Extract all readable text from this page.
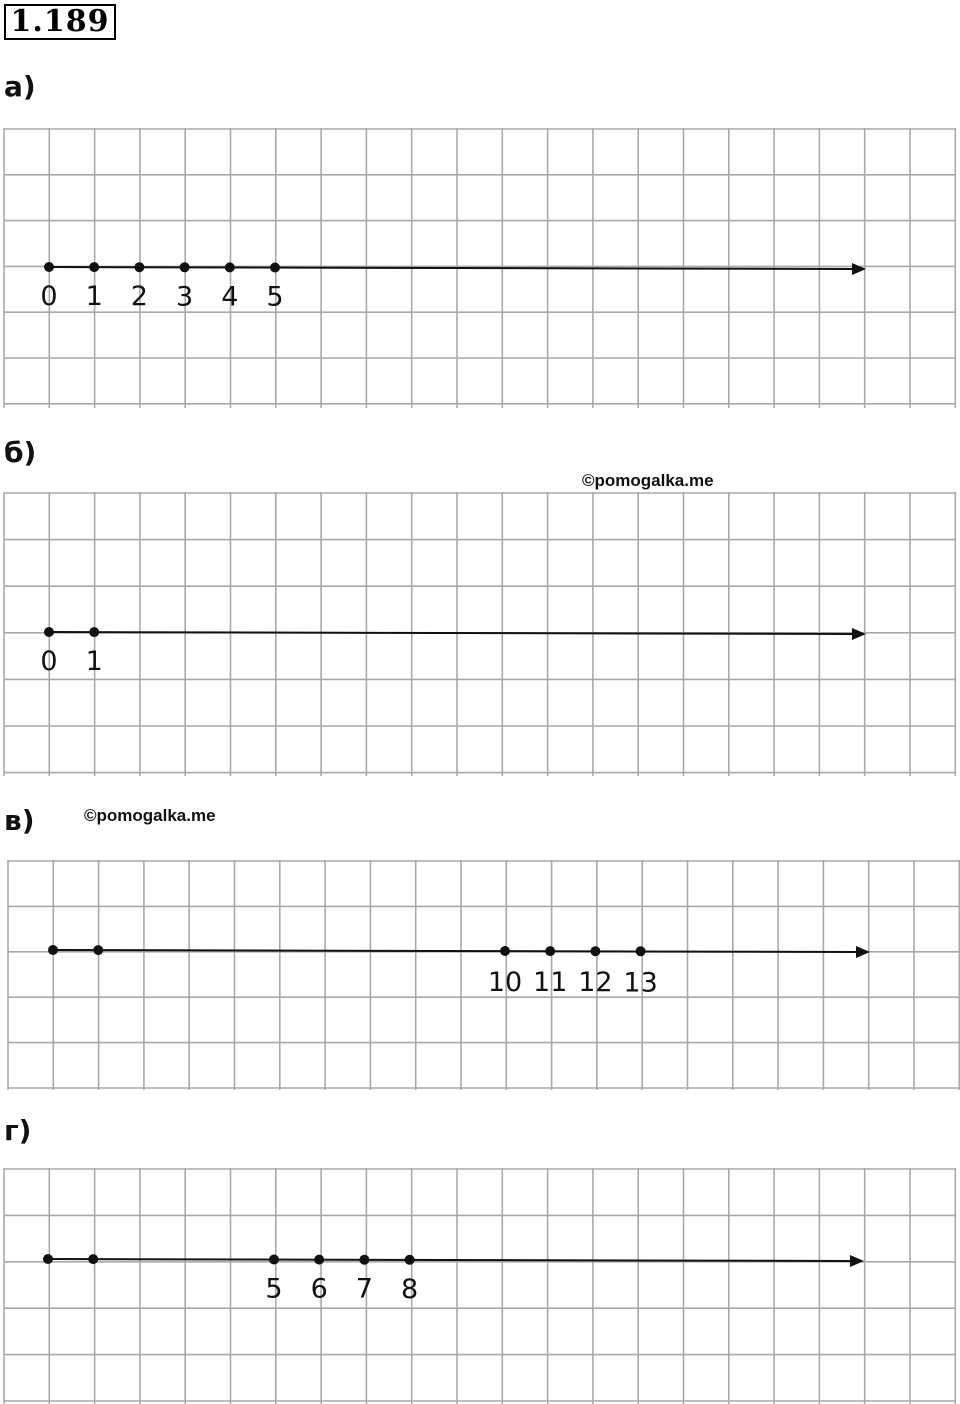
1.189
а)
0 1 2 3 4 5
б)
©pomogalka.me
0 1
в)	©pomogalka.me
10 11 12 13
г)
5 6 7 8
